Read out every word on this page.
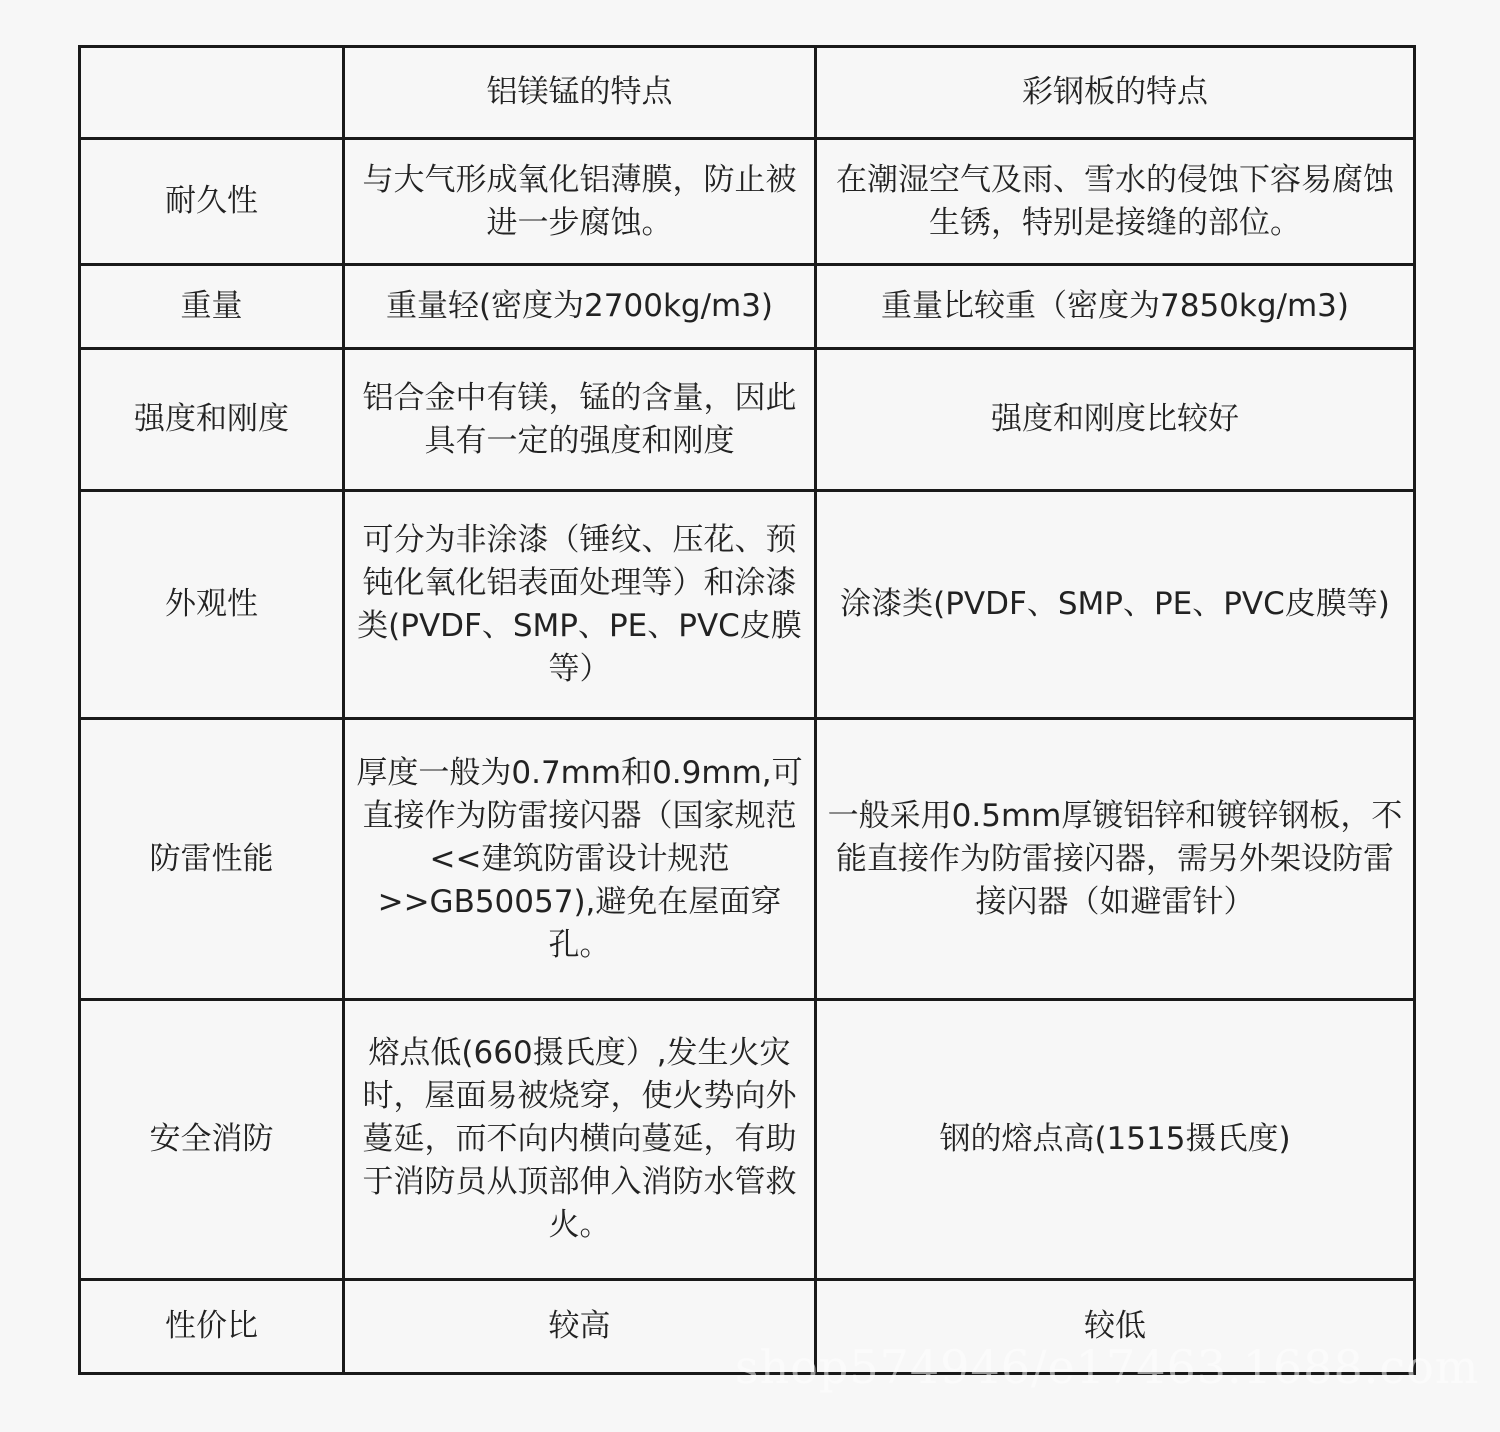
	铝镁锰的特点	彩钢板的特点
耐久性	与大气形成氧化铝薄膜，防止被进一步腐蚀。	在潮湿空气及雨、雪水的侵蚀下容易腐蚀生锈，特别是接缝的部位。
重量	重量轻(密度为2700kg/m3)	重量比较重（密度为7850kg/m3)
强度和刚度	铝合金中有镁，锰的含量，因此具有一定的强度和刚度	强度和刚度比较好
外观性	可分为非涂漆（锤纹、压花、预钝化氧化铝表面处理等）和涂漆类(PVDF、SMP、PE、PVC皮膜等）	涂漆类(PVDF、SMP、PE、PVC皮膜等)
防雷性能	厚度一般为0.7mm和0.9mm,可直接作为防雷接闪器（国家规范<<建筑防雷设计规范>>GB50057),避免在屋面穿孔。	一般采用0.5mm厚镀铝锌和镀锌钢板，不能直接作为防雷接闪器，需另外架设防雷接闪器（如避雷针）
安全消防	熔点低(660摄氏度）,发生火灾时，屋面易被烧穿，使火势向外蔓延，而不向内横向蔓延，有助于消防员从顶部伸入消防水管救火。	钢的熔点高(1515摄氏度)
性价比	较高	较低
shop574946/e17463.1688.com
